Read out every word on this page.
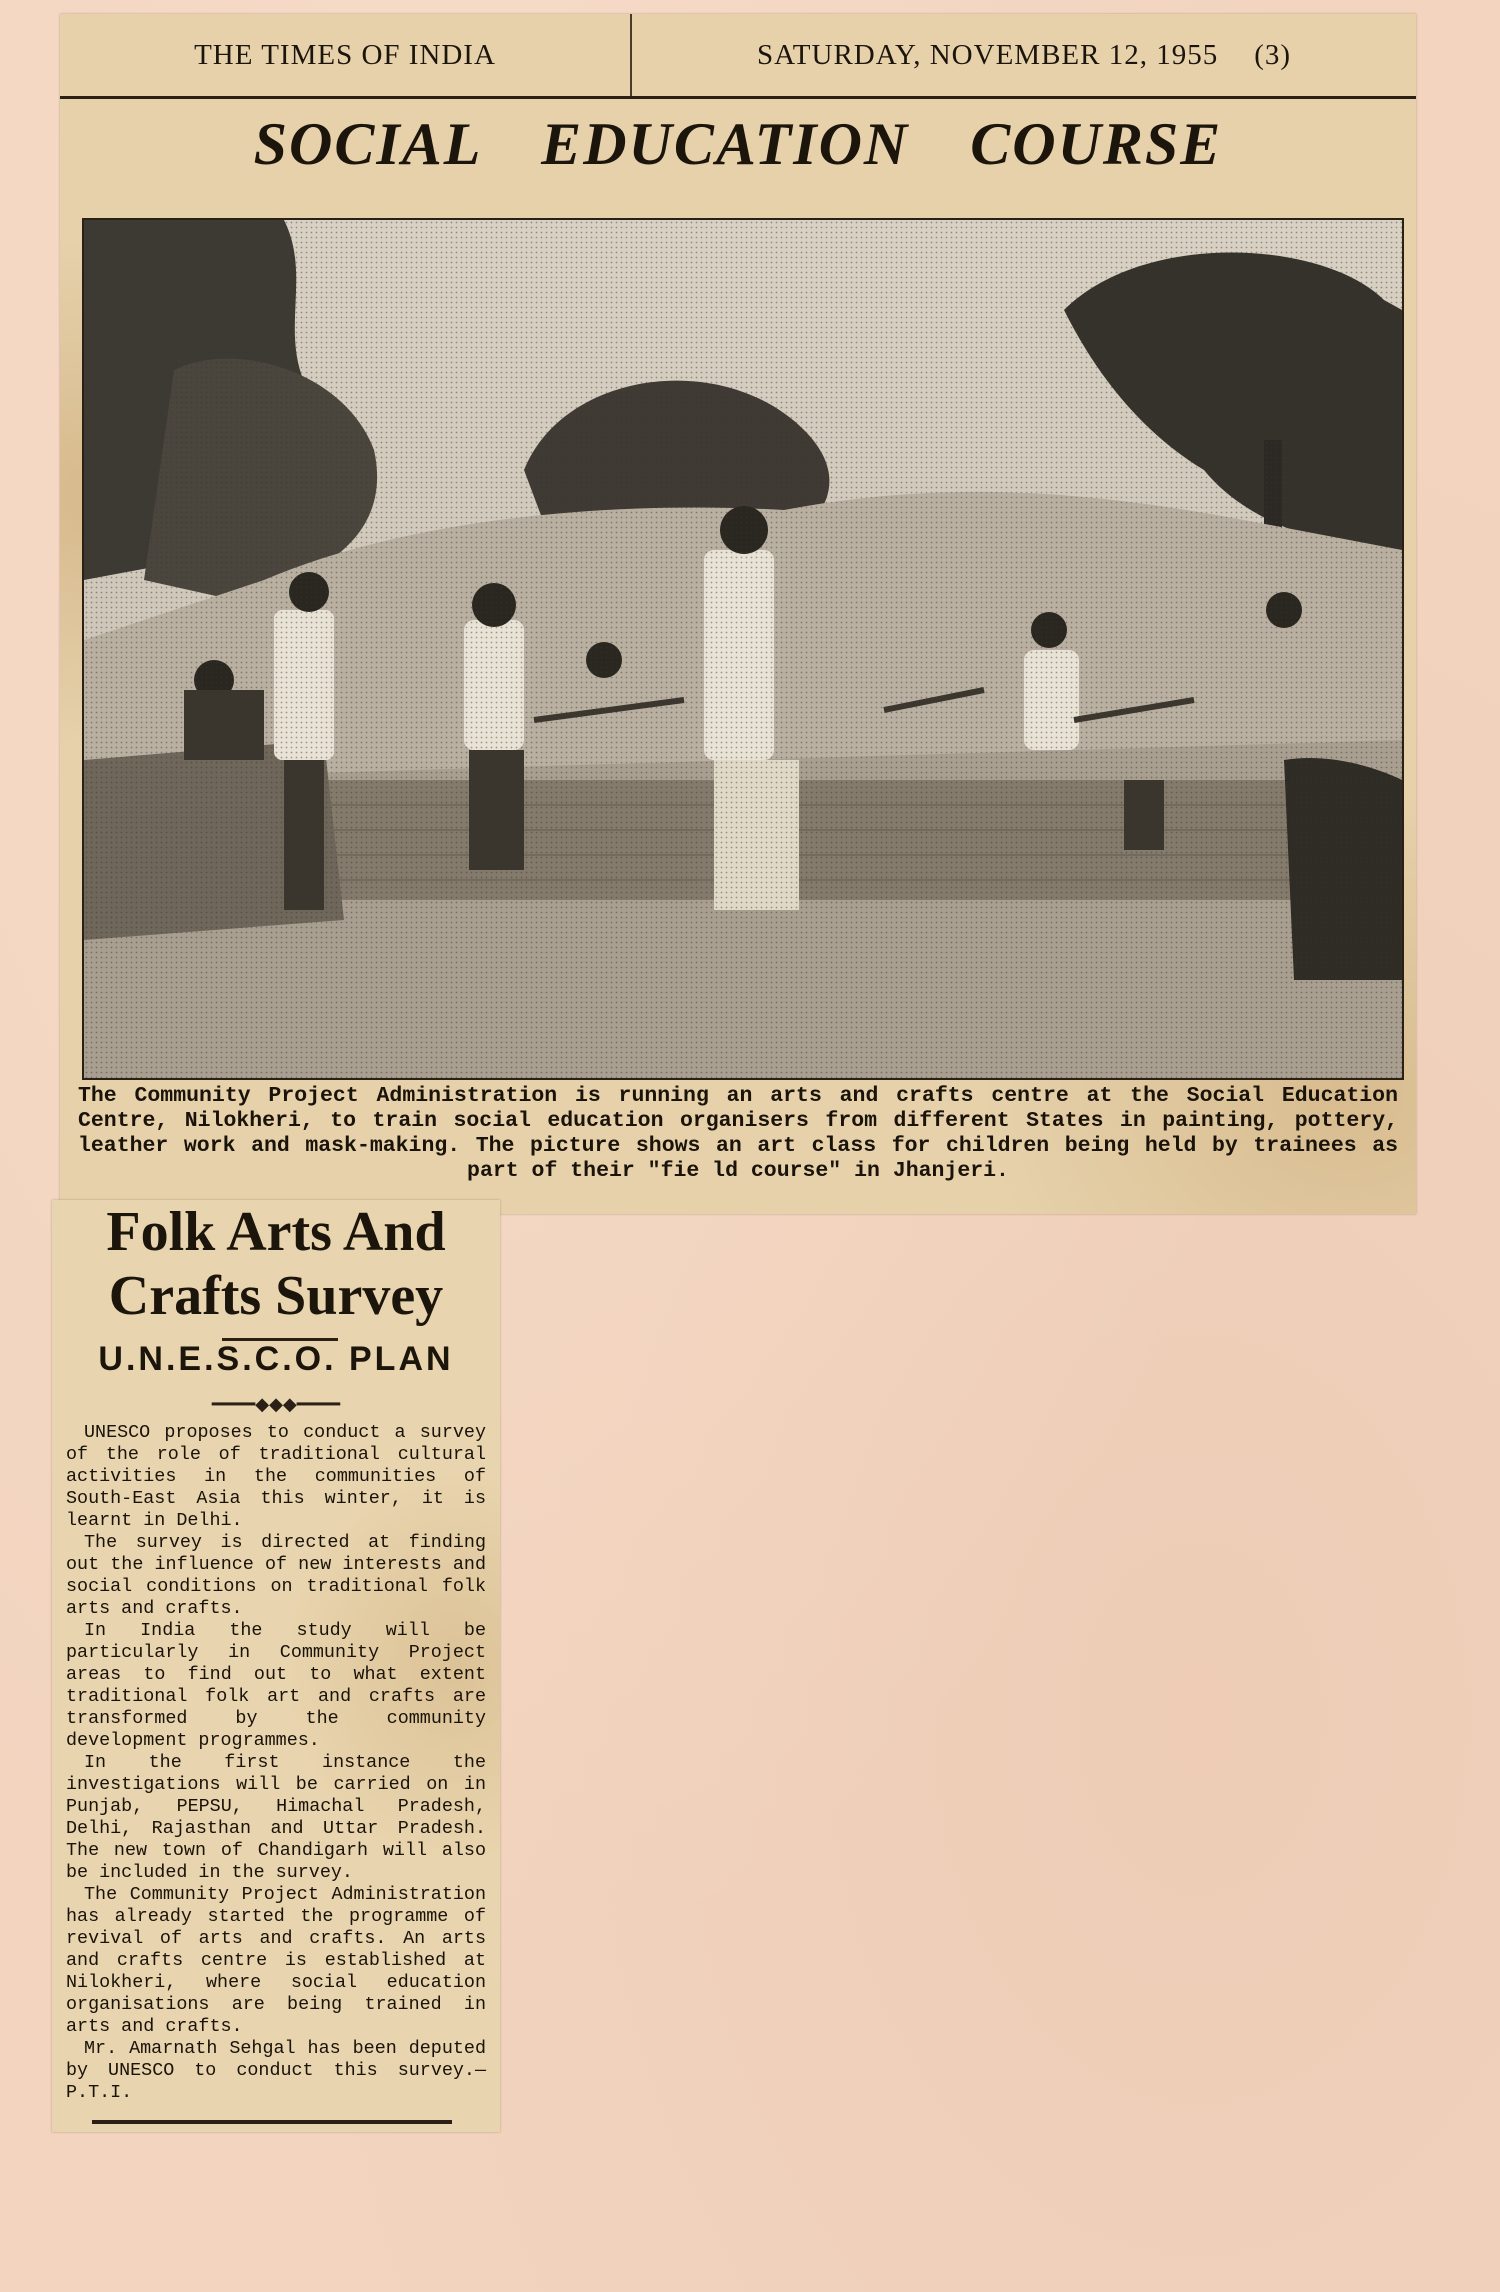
THE TIMES OF INDIA	SATURDAY, NOVEMBER 12, 1955 (3)
SOCIAL EDUCATION COURSE
The Community Project Administration is running an arts and crafts centre at the Social Education Centre, Nilokheri, to train social education organisers from different States in painting, pottery, leather work and mask-making. The picture shows an art class for children being held by trainees as part of their "fie ld course" in Jhanjeri.
Folk Arts And
Crafts Survey
U.N.E.S.C.O. PLAN
━━━━◆◆◆━━━━

UNESCO proposes to conduct a survey of the role of traditional cultural activities in the communities of South-East Asia this winter, it is learnt in Delhi.

The survey is directed at finding out the influence of new interests and social conditions on traditional folk arts and crafts.

In India the study will be particularly in Community Project areas to find out to what extent traditional folk art and crafts are transformed by the community development programmes.

In the first instance the investigations will be carried on in Punjab, PEPSU, Himachal Pradesh, Delhi, Rajasthan and Uttar Pradesh. The new town of Chandigarh will also be included in the survey.

The Community Project Administration has already started the programme of revival of arts and crafts. An arts and crafts centre is established at Nilokheri, where social education organisations are being trained in arts and crafts.

Mr. Amarnath Sehgal has been deputed by UNESCO to conduct this survey.—P.T.I.
